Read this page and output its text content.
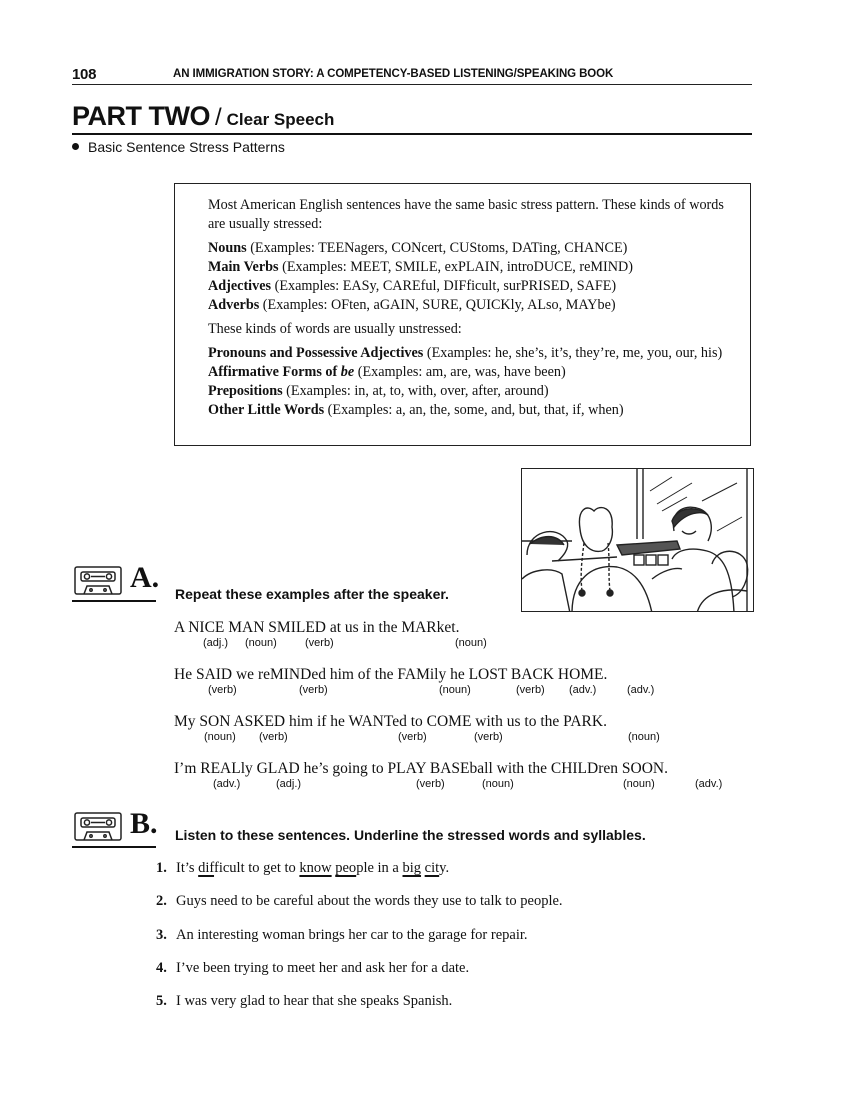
108	AN IMMIGRATION STORY: A COMPETENCY-BASED LISTENING/SPEAKING BOOK
PART TWO / Clear Speech
Basic Sentence Stress Patterns

Most American English sentences have the same basic stress pattern. These kinds of words are usually stressed:

Nouns (Examples: TEENagers, CONcert, CUStoms, DATing, CHANCE)

Main Verbs (Examples: MEET, SMILE, exPLAIN, introDUCE, reMIND)

Adjectives (Examples: EASy, CAREful, DIFficult, surPRISED, SAFE)

Adverbs (Examples: OFten, aGAIN, SURE, QUICKly, ALso, MAYbe)

These kinds of words are usually unstressed:

Pronouns and Possessive Adjectives (Examples: he, she’s, it’s, they’re, me, you, our, his)

Affirmative Forms of be (Examples: am, are, was, have been)

Prepositions (Examples: in, at, to, with, over, after, around)

Other Little Words (Examples: a, an, the, some, and, but, that, if, when)

A. Repeat these examples after the speaker.
A NICE MAN SMILED at us in the MARket.
(adj.) (noun)	(verb)	(noun)
He SAID we reMINDed him of the FAMily he LOST BACK HOME.
(verb)	(verb)	(noun)	(verb) (adv.)	(adv.)
My SON ASKED him if he WANTed to COME with us to the PARK.
(noun) (verb)	(verb)	(verb)	(noun)
I’m REALly GLAD he’s going to PLAY BASEball with the CHILDren SOON.
(adv.)	(adj.)	(verb)	(noun)	(noun)	(adv.)
B. Listen to these sentences. Underline the stressed words and syllables.
1. It’s difficult to get to know people in a big city.
2. Guys need to be careful about the words they use to talk to people.
3. An interesting woman brings her car to the garage for repair.
4. I’ve been trying to meet her and ask her for a date.
5. I was very glad to hear that she speaks Spanish.
